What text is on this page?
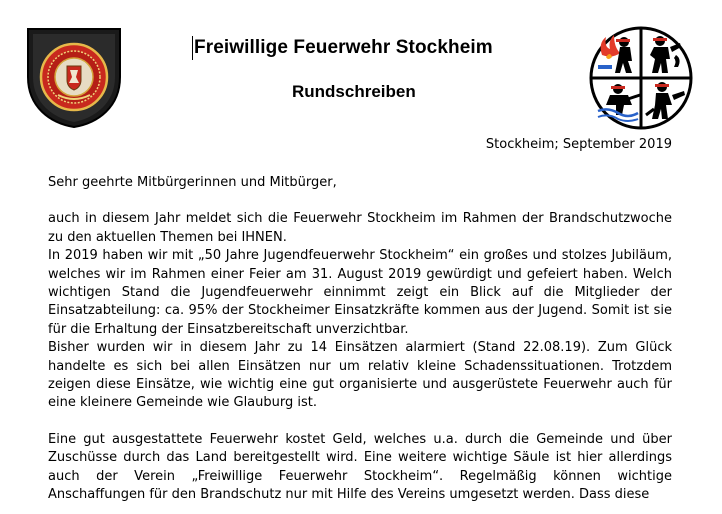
Freiwillige Feuerwehr Stockheim
Rundschreiben
Stockheim; September 2019

Sehr geehrte Mitbürgerinnen und Mitbürger,

auch in diesem Jahr meldet sich die Feuerwehr Stockheim im Rahmen der Brandschutzwoche zu den aktuellen Themen bei IHNEN.

In 2019 haben wir mit „50 Jahre Jugendfeuerwehr Stockheim“ ein großes und stolzes Jubiläum, welches wir im Rahmen einer Feier am 31. August 2019 gewürdigt und gefeiert haben. Welch wichtigen Stand die Jugendfeuerwehr einnimmt zeigt ein Blick auf die Mitglieder der Einsatzabteilung: ca. 95% der Stockheimer Einsatzkräfte kommen aus der Jugend. Somit ist sie für die Erhaltung der Einsatzbereitschaft unverzichtbar.

Bisher wurden wir in diesem Jahr zu 14 Einsätzen alarmiert (Stand 22.08.19). Zum Glück handelte es sich bei allen Einsätzen nur um relativ kleine Schadenssituationen. Trotzdem zeigen diese Einsätze, wie wichtig eine gut organisierte und ausgerüstete Feuerwehr auch für eine kleinere Gemeinde wie Glauburg ist.

Eine gut ausgestattete Feuerwehr kostet Geld, welches u.a. durch die Gemeinde und über Zuschüsse durch das Land bereitgestellt wird. Eine weitere wichtige Säule ist hier allerdings auch der Verein „Freiwillige Feuerwehr Stockheim“. Regelmäßig können wichtige Anschaffungen für den Brandschutz nur mit Hilfe des Vereins umgesetzt werden. Dass diese
